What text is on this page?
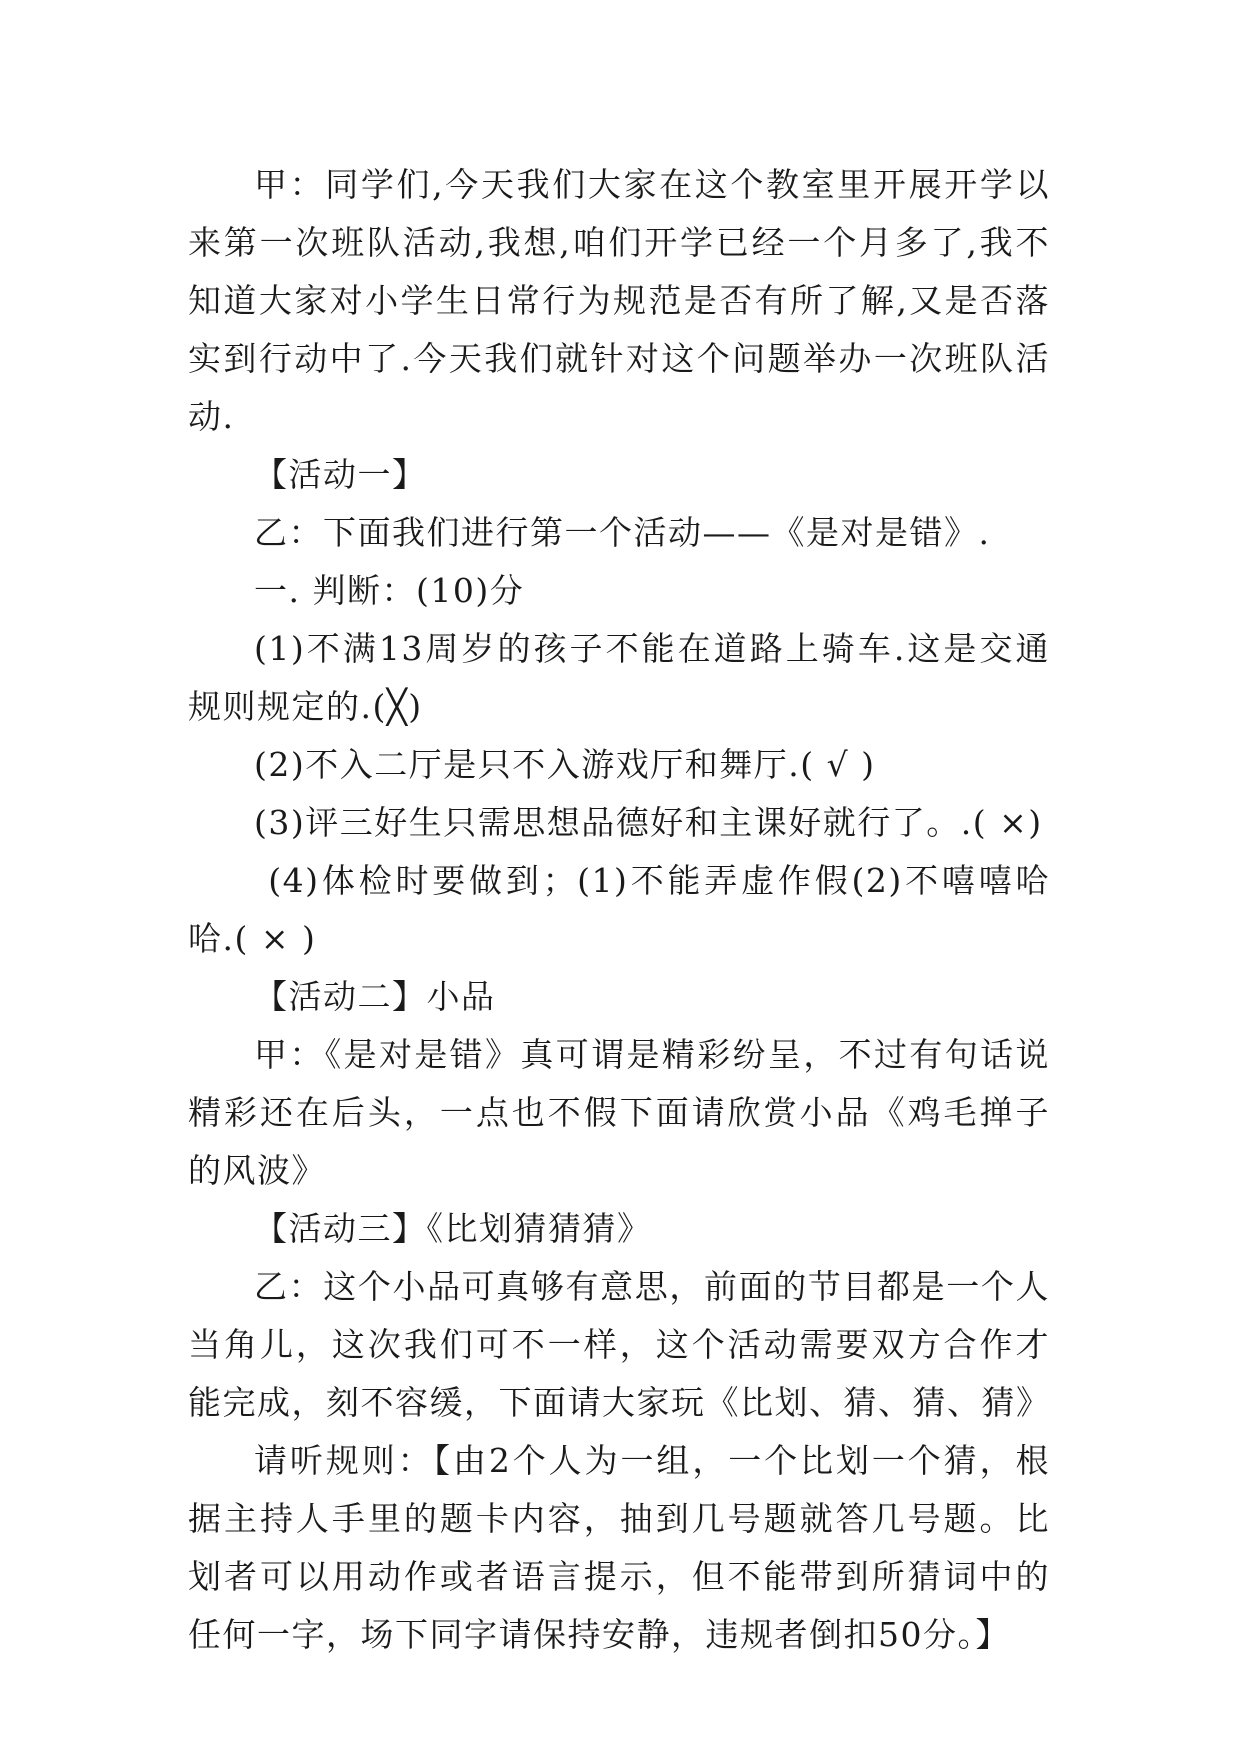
甲：同学们,今天我们大家在这个教室里开展开学以来第一次班队活动,我想,咱们开学已经一个月多了,我不知道大家对小学生日常行为规范是否有所了解,又是否落实到行动中了.今天我们就针对这个问题举办一次班队活动.

【活动一】

乙：下面我们进行第一个活动——《是对是错》.

一. 判断：(10)分

(1)不满13周岁的孩子不能在道路上骑车.这是交通规则规定的.(╳)

(2)不入二厅是只不入游戏厅和舞厅.( √ )

(3)评三好生只需思想品德好和主课好就行了。.( ×)

(4)体检时要做到；(1)不能弄虚作假(2)不嘻嘻哈哈.( × )

【活动二】小品

甲：《是对是错》真可谓是精彩纷呈，不过有句话说精彩还在后头，一点也不假下面请欣赏小品《鸡毛掸子的风波》

【活动三】《比划猜猜猜》

乙：这个小品可真够有意思，前面的节目都是一个人当角儿，这次我们可不一样，这个活动需要双方合作才能完成，刻不容缓，下面请大家玩《比划、猜、猜、猜》

请听规则：【由2个人为一组，一个比划一个猜，根据主持人手里的题卡内容，抽到几号题就答几号题。比划者可以用动作或者语言提示，但不能带到所猜词中的任何一字，场下同字请保持安静，违规者倒扣50分。】
